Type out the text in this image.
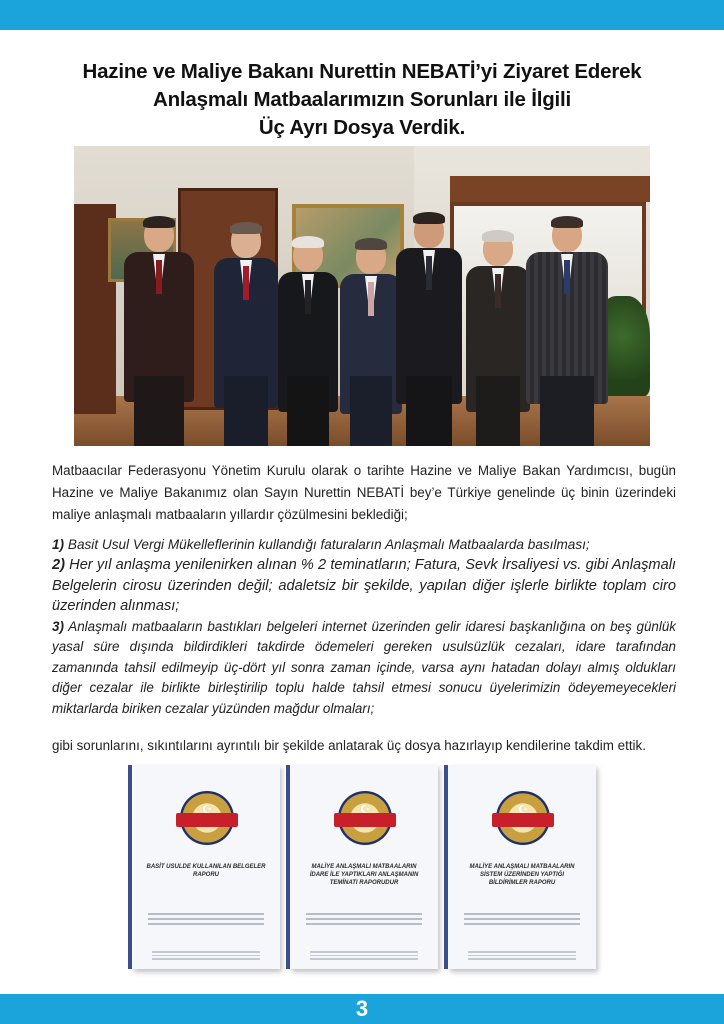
Hazine ve Maliye Bakanı Nurettin NEBATİ’yi Ziyaret Ederek
Anlaşmalı Matbaalarımızın Sorunları ile İlgili
Üç Ayrı Dosya Verdik.
Matbaacılar Federasyonu Yönetim Kurulu olarak o tarihte Hazine ve Maliye Bakan Yardımcısı, bugün Hazine ve Maliye Bakanımız olan Sayın Nurettin NEBATİ bey’e Türkiye genelinde üç binin üzerindeki maliye anlaşmalı matbaaların yıllardır çözülmesini beklediği;

1) Basit Usul Vergi Mükelleflerinin kullandığı faturaların Anlaşmalı Matbaalarda basılması;

2) Her yıl anlaşma yenilenirken alınan % 2 teminatların; Fatura, Sevk İrsaliyesi vs. gibi Anlaşmalı Belgelerin cirosu üzerinden değil; adaletsiz bir şekilde, yapılan diğer işlerle birlikte toplam ciro üzerinden alınması;

3) Anlaşmalı matbaaların bastıkları belgeleri internet üzerinden gelir idaresi başkanlığına on beş günlük yasal süre dışında bildirdikleri takdirde ödemeleri gereken usulsüzlük cezaları, idare tarafından zamanında tahsil edilmeyip üç-dört yıl sonra zaman içinde, varsa aynı hatadan dolayı almış oldukları diğer cezalar ile birlikte birleştirilip toplu halde tahsil etmesi sonucu üyelerimizin ödeyemeyecekleri miktarlarda biriken cezalar yüzünden mağdur olmaları;

gibi sorunlarını, sıkıntılarını ayrıntılı bir şekilde anlatarak üç dosya hazırlayıp kendilerine takdim ettik.
☪
BASİT USULDE KULLANILAN BELGELER RAPORU
☪
MALİYE ANLAŞMALI MATBAALARIN İDARE İLE YAPTIKLARI ANLAŞMANIN TEMİNATI RAPORUDUR
☪
MALİYE ANLAŞMALI MATBAALARIN SİSTEM ÜZERİNDEN YAPTIĞI BİLDİRİMLER RAPORU
3
